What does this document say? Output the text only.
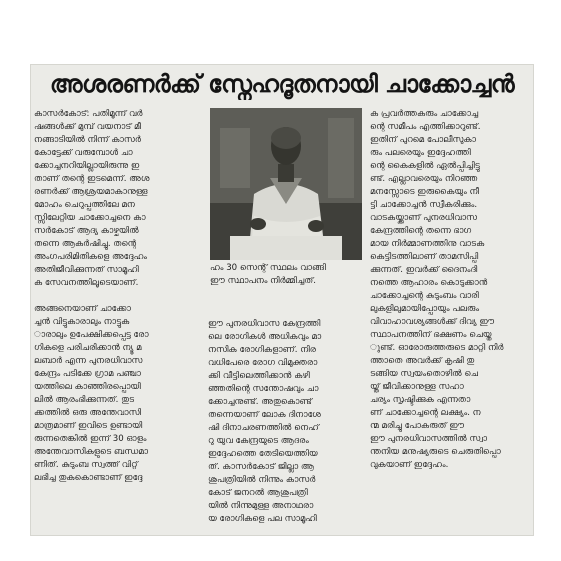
അശരണർക്ക് സ്നേഹദൂതനായി ചാക്കോച്ചൻ
കാസർകോട്: പതിമൂന്ന് വർ
ഷങ്ങൾക്ക് മുമ്പ് വയനാട് മീ
നങ്ങാടിയിൽ നിന്ന് കാസർ
കോട്ടേക്ക് വരുമ്പോൾ ചാ
ക്കോച്ചനറിയില്ലായിരുന്നു ഇ
താണ് തന്റെ ഇടമെന്ന്. അശ
രണർക്ക് ആശ്രയമാകാനുള്ള
മോഹം ചെറുപ്പത്തിലേ മന
സ്സിലേറ്റിയ ചാക്കോച്ചനെ കാ
സർകോട് ആദ്യ കാഴ്ചയിൽ
തന്നെ ആകർഷിച്ചു. തന്റെ
അംഗപരിമിതികളെ അദ്ദേഹം
അതിജീവിക്കുന്നത് സാമൂഹി
ക സേവനത്തിലൂടെയാണ്.

അങ്ങനെയാണ് ചാക്കോ
ച്ചൻ വിട്ടുകാരാലും നാട്ടുക
ാരാലും ഉപേക്ഷിക്കപ്പെട്ട രോ
ഗികളെ പരിചരിക്കാൻ ന്യൂ മ
ലബാർ എന്ന പുനരധിവാസ
കേന്ദ്രം പടിക്കേ ഗ്രാമ പഞ്ചാ
യത്തിലെ കാഞ്ഞിരപ്പൊയി
ലിൽ ആരംഭിക്കുന്നത്. തുട
ക്കത്തിൽ ഒരു അന്തേവാസി
മാത്രമാണ് ഇവിടെ ഉണ്ടായി
രുന്നതെങ്കിൽ ഇന്ന് 30 ഓളം
അന്തേവാസികളുടെ ബന്ധമാ
ണിത്. കുടുംബ സ്വത്ത് വിറ്റ്
ലഭിച്ച തുകകൊണ്ടാണ് ഇദ്ദേ
ഹം 30 സെന്റ് സ്ഥലം വാങ്ങി
ഈ സ്ഥാപനം നിർമ്മിച്ചത്.
ഈ പുനരധിവാസ കേന്ദ്രത്തി
ലെ രോഗികൾ അധികവും മാ
നസിക രോഗികളാണ്. നിര
വധിപേരെ രോഗ വിമുക്തരാ
ക്കി വീട്ടിലെത്തിക്കാൻ കഴി
ഞ്ഞതിന്റെ സന്തോഷവും ചാ
ക്കോച്ചനുണ്ട്. അതുകൊണ്ട്
തന്നെയാണ് ലോക ദിനാശേ
ഷി ദിനാചരണത്തിൽ നെഹ്
റു യുവ കേന്ദ്രയുടെ ആദരം
ഇദ്ദേഹത്തെ തേടിയെത്തിയ
ത്. കാസർകോട് ജില്ലാ ആ
ശുപത്രിയിൽ നിന്നും കാസർ
കോട് ജനറൽ ആശുപത്രി
യിൽ നിന്നുമുള്ള അനാഥരാ
യ രോഗികളെ പല സാമൂഹി
ക പ്രവർത്തകരും ചാക്കോച്ച
ന്റെ സമീപം എത്തിക്കാറുണ്ട്.
ഇതിന് പുറമെ പോലീസുകാ
രും പലരെയും ഇദ്ദേഹത്തി
ന്റെ കൈകളിൽ ഏൽപ്പിച്ചിട്ടു
ണ്ട്. എല്ലാവരെയും നിറഞ്ഞ
മനസ്സോടെ ഇരുകൈയും നീ
ട്ടി ചാക്കോച്ചൻ സ്വീകരിക്കും.
വാടകയ്ക്കാണ് പുനരധിവാസ
കേന്ദ്രത്തിന്റെ തന്നെ ഭാഗ
മായ നിർമ്മാണത്തിനു വാടക
കെട്ടിടത്തിലാണ് താമസിപ്പി
ക്കുന്നത്. ഇവർക്ക് ദൈനംദി
നത്തെ ആഹാരം കൊടുക്കാൻ
ചാക്കോച്ചന്റെ കുടുംബം വാരി
ലുകളിലുമായിപ്പോയും പലരും
വിവാഹാവശ്യങ്ങൾക്ക് ദിവ്യ ഈ
സ്ഥാപനത്തിന് ഭക്ഷണം ചെയ്ത
ുണ്ട്. ഓരോരുത്തരുടെ മാറ്റി നിർ
ത്താതെ അവർക്ക് കൃഷി തു
ടങ്ങിയ സ്വയംതൊഴിൽ ചെ
യ്ത് ജീവിക്കാനുള്ള സഹാ
ചര്യം സൃഷ്ടിക്കുക എന്നതാ
ണ് ചാക്കോച്ചന്റെ ലക്ഷ്യം. ന
ന്മ മരിച്ചു പോകരുത് ഈ
ഈ പുനരധിവാസത്തിൽ സ്വാ
ന്തനിയ മനുഷ്യരുടെ ചെരുതിപ്പൊ
വുകയാണ് ഇദ്ദേഹം.
